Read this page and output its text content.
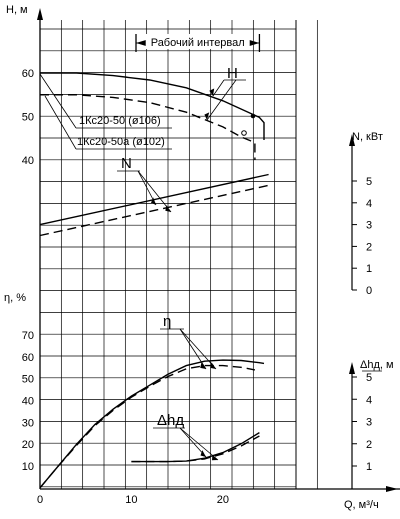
Рабочий интервал
0	10	20
40
50
60
0
1
2
3
4
5
10
20
30
40
50
60
70
1
2
3
4
5
H, м
η, %
N, кВт
Δhд, м
Q, м³/ч
H
N
η
Δhд
1Кс20-50 (ø106)
1Кс20-50а (ø102)
